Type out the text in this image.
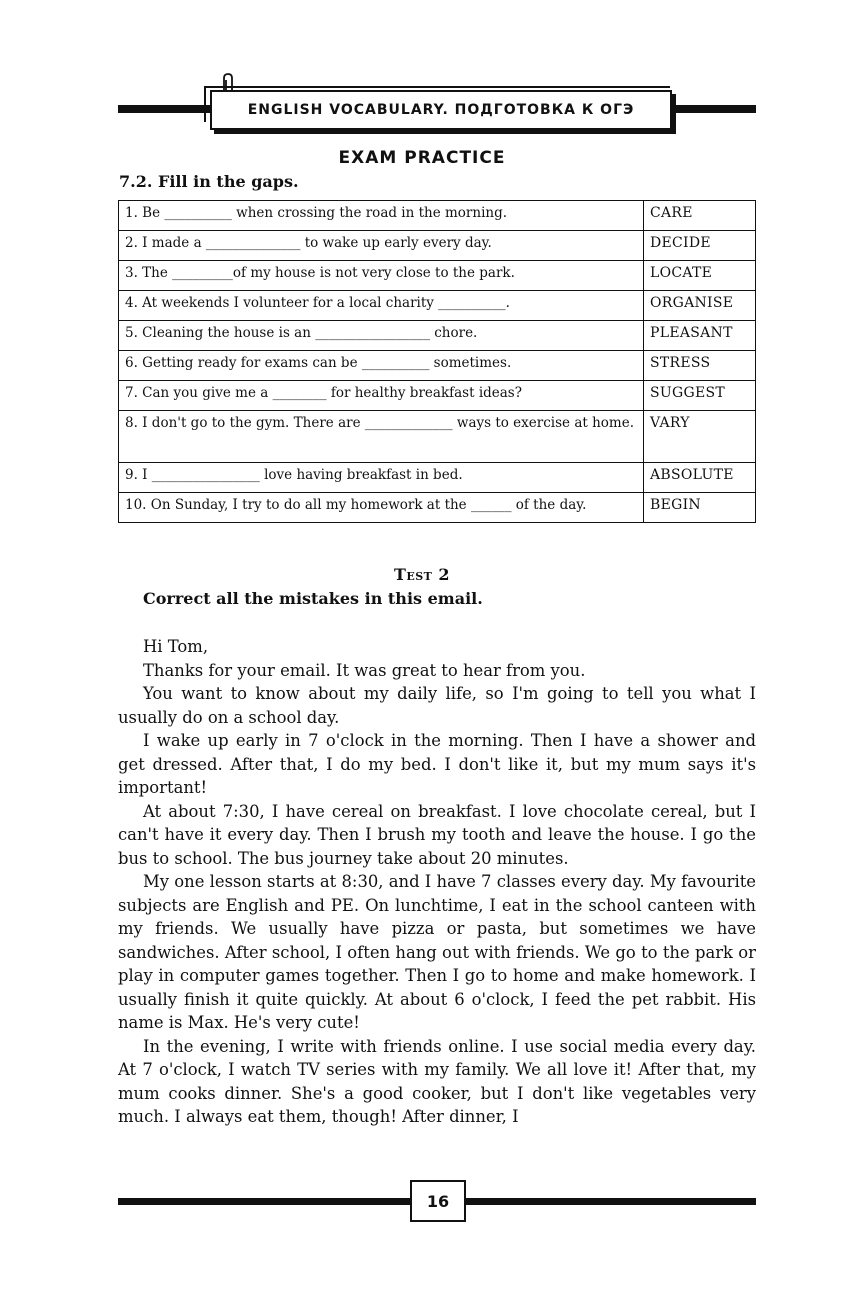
ENGLISH VOCABULARY. ПОДГОТОВКА К ОГЭ
EXAM PRACTICE
7.2. Fill in the gaps.
1. Be __________ when crossing the road in the morning.	CARE
2. I made a ______________ to wake up early every day.	DECIDE
3. The _________of my house is not very close to the park.	LOCATE
4. At weekends I volunteer for a local charity __________.	ORGANISE
5. Cleaning the house is an _________________ chore.	PLEASANT
6. Getting ready for exams can be __________ sometimes.	STRESS
7. Can you give me a ________ for healthy breakfast ideas?	SUGGEST
8. I don't go to the gym. There are _____________ ways to exercise at home.	VARY
9. I ________________ love having breakfast in bed.	ABSOLUTE
10. On Sunday, I try to do all my homework at the ______ of the day.	BEGIN
Test 2
Correct all the mistakes in this email.

Hi Tom,

Thanks for your email. It was great to hear from you.

You want to know about my daily life, so I'm going to tell you what I usually do on a school day.

I wake up early in 7 o'clock in the morning. Then I have a shower and get dressed. After that, I do my bed. I don't like it, but my mum says it's important!

At about 7:30, I have cereal on breakfast. I love chocolate cereal, but I can't have it every day. Then I brush my tooth and leave the house. I go the bus to school. The bus journey take about 20 minutes.

My one lesson starts at 8:30, and I have 7 classes every day. My favourite subjects are English and PE. On lunchtime, I eat in the school canteen with my friends. We usually have pizza or pasta, but sometimes we have sandwiches. After school, I often hang out with friends. We go to the park or play in computer games together. Then I go to home and make homework. I usually finish it quite quickly. At about 6 o'clock, I feed the pet rabbit. His name is Max. He's very cute!

In the evening, I write with friends online. I use social media every day. At 7 o'clock, I watch TV series with my family. We all love it! After that, my mum cooks dinner. She's a good cooker, but I don't like vegetables very much. I always eat them, though! After dinner, I

16
